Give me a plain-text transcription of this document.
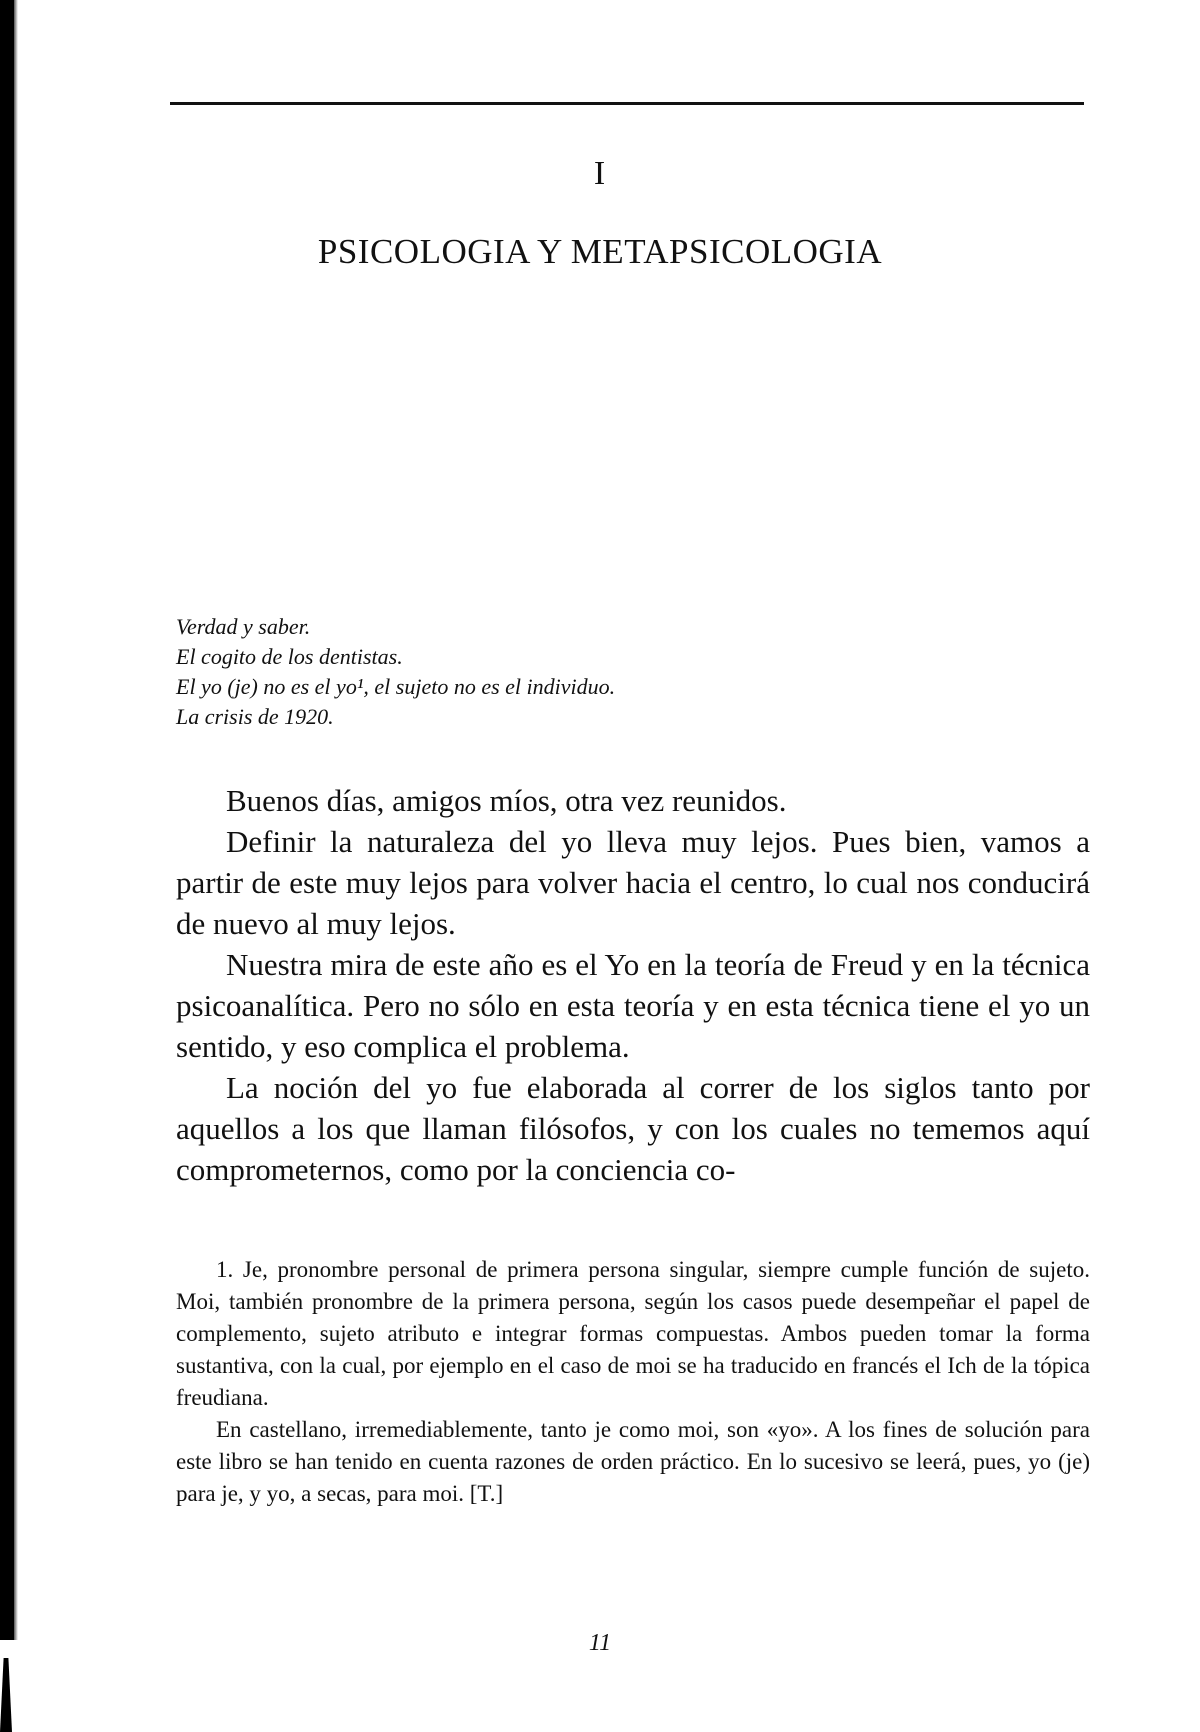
I
PSICOLOGIA Y METAPSICOLOGIA

Verdad y saber.

El cogito de los dentistas.

El yo (je) no es el yo¹, el sujeto no es el individuo.

La crisis de 1920.

Buenos días, amigos míos, otra vez reunidos.

Definir la naturaleza del yo lleva muy lejos. Pues bien, vamos a partir de este muy lejos para volver hacia el centro, lo cual nos conducirá de nuevo al muy lejos.

Nuestra mira de este año es el Yo en la teoría de Freud y en la técnica psicoanalítica. Pero no sólo en esta teoría y en esta técnica tiene el yo un sentido, y eso complica el problema.

La noción del yo fue elaborada al correr de los siglos tanto por aquellos a los que llaman filósofos, y con los cuales no tememos aquí comprometernos, como por la conciencia co-

1. Je, pronombre personal de primera persona singular, siempre cumple función de sujeto. Moi, también pronombre de la primera persona, según los casos puede desempeñar el papel de complemento, sujeto atributo e integrar formas compuestas. Ambos pueden tomar la forma sustantiva, con la cual, por ejemplo en el caso de moi se ha traducido en francés el Ich de la tópica freudiana.

En castellano, irremediablemente, tanto je como moi, son «yo». A los fines de solución para este libro se han tenido en cuenta razones de orden práctico. En lo sucesivo se leerá, pues, yo (je) para je, y yo, a secas, para moi. [T.]

11
